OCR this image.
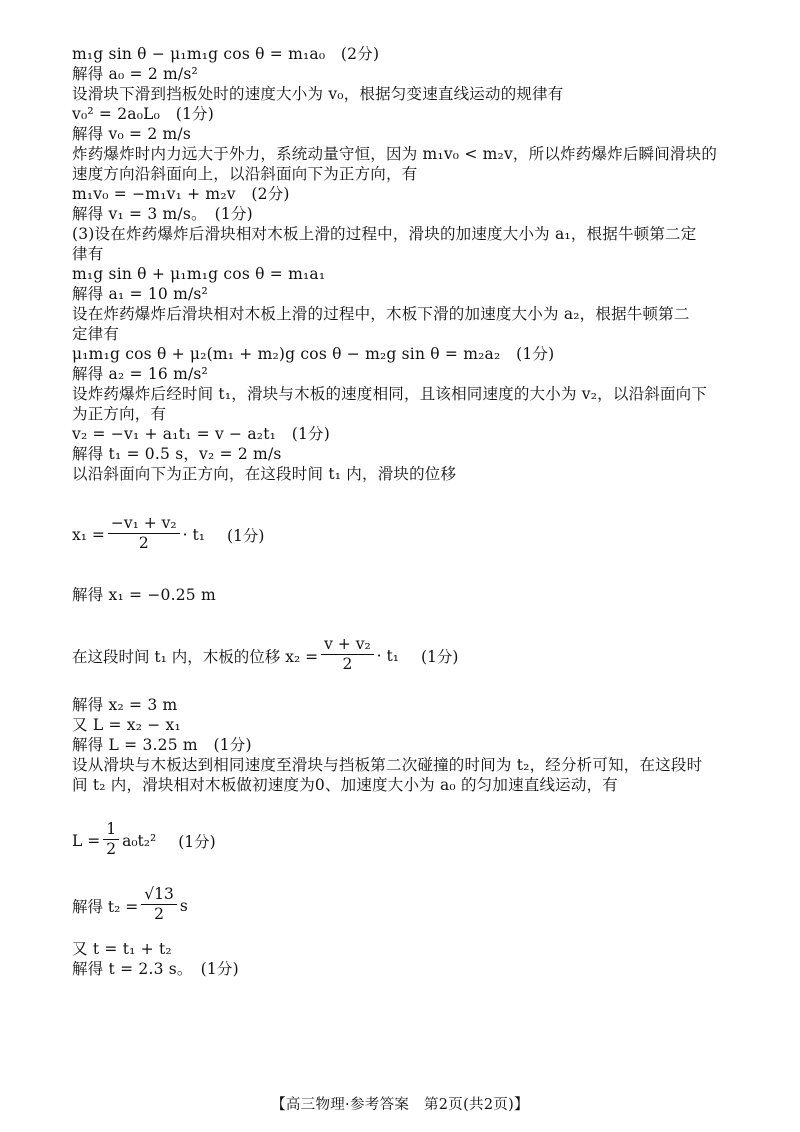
m₁g sin θ − μ₁m₁g cos θ = m₁a₀　(2分)

解得 a₀ = 2 m/s²

设滑块下滑到挡板处时的速度大小为 v₀，根据匀变速直线运动的规律有

v₀² = 2a₀L₀　(1分)

解得 v₀ = 2 m/s

炸药爆炸时内力远大于外力，系统动量守恒，因为 m₁v₀ < m₂v，所以炸药爆炸后瞬间滑块的

速度方向沿斜面向上，以沿斜面向下为正方向，有

m₁v₀ = −m₁v₁ + m₂v　(2分)

解得 v₁ = 3 m/s。　(1分)

(3)设在炸药爆炸后滑块相对木板上滑的过程中，滑块的加速度大小为 a₁，根据牛顿第二定

律有

m₁g sin θ + μ₁m₁g cos θ = m₁a₁

解得 a₁ = 10 m/s²

设在炸药爆炸后滑块相对木板上滑的过程中，木板下滑的加速度大小为 a₂，根据牛顿第二

定律有

μ₁m₁g cos θ + μ₂(m₁ + m₂)g cos θ − m₂g sin θ = m₂a₂　(1分)

解得 a₂ = 16 m/s²

设炸药爆炸后经时间 t₁，滑块与木板的速度相同，且该相同速度的大小为 v₂，以沿斜面向下

为正方向，有

v₂ = −v₁ + a₁t₁ = v − a₂t₁　(1分)

解得 t₁ = 0.5 s，v₂ = 2 m/s

以沿斜面向下为正方向，在这段时间 t₁ 内，滑块的位移

$x_1 = \frac{\text{−v₁ + v₂}}{2} \cdot t_1$ (1分)

解得 x₁ = −0.25 m

在这段时间 t₁ 内，木板的位移 $x_2 = \frac{\text{v + v₂}}{2} \cdot t_1$ (1分)

解得 x₂ = 3 m

又 L = x₂ − x₁

解得 L = 3.25 m　(1分)

设从滑块与木板达到相同速度至滑块与挡板第二次碰撞的时间为 t₂，经分析可知，在这段时

间 t₂ 内，滑块相对木板做初速度为0、加速度大小为 a₀ 的匀加速直线运动，有

$L = \frac{1}{2} a_0t_2^2$ (1分)
解得 $t_2 = \frac{√13}{2}$ s

又 t = t₁ + t₂

解得 t = 2.3 s。　(1分)

【高三物理·参考答案　第2页(共2页)】
